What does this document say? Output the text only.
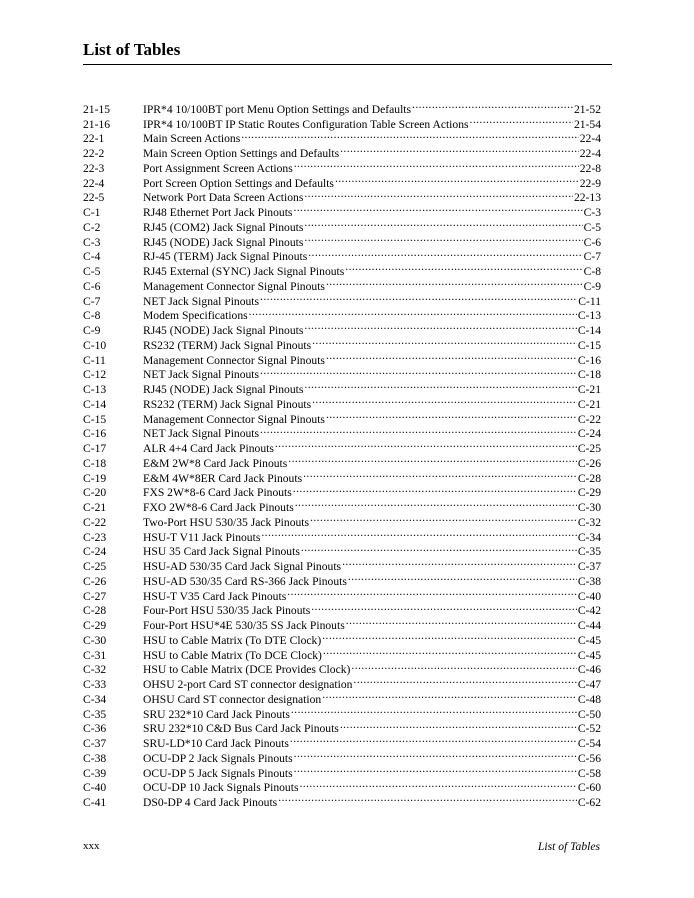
List of Tables
21-15	IPR*4 10/100BT port Menu Option Settings and Defaults .....	21-52
21-16	IPR*4 10/100BT IP Static Routes Configuration Table Screen Actions .....	21-54
22-1	Main Screen Actions .....	22-4
22-2	Main Screen Option Settings and Defaults .....	22-4
22-3	Port Assignment Screen Actions .....	22-8
22-4	Port Screen Option Settings and Defaults .....	22-9
22-5	Network Port Data Screen Actions .....	22-13
C-1	RJ48 Ethernet Port Jack Pinouts .....	C-3
C-2	RJ45 (COM2) Jack Signal Pinouts .....	C-5
C-3	RJ45 (NODE) Jack Signal Pinouts .....	C-6
C-4	RJ-45 (TERM) Jack Signal Pinouts .....	C-7
C-5	RJ45 External (SYNC) Jack Signal Pinouts .....	C-8
C-6	Management Connector Signal Pinouts .....	C-9
C-7	NET Jack Signal Pinouts .....	C-11
C-8	Modem Specifications .....	C-13
C-9	RJ45 (NODE) Jack Signal Pinouts .....	C-14
C-10	RS232 (TERM) Jack Signal Pinouts .....	C-15
C-11	Management Connector Signal Pinouts .....	C-16
C-12	NET Jack Signal Pinouts .....	C-18
C-13	RJ45 (NODE) Jack Signal Pinouts .....	C-21
C-14	RS232 (TERM) Jack Signal Pinouts .....	C-21
C-15	Management Connector Signal Pinouts .....	C-22
C-16	NET Jack Signal Pinouts .....	C-24
C-17	ALR 4+4 Card Jack Pinouts .....	C-25
C-18	E&M 2W*8 Card Jack Pinouts .....	C-26
C-19	E&M 4W*8ER Card Jack Pinouts .....	C-28
C-20	FXS 2W*8-6 Card Jack Pinouts .....	C-29
C-21	FXO 2W*8-6 Card Jack Pinouts .....	C-30
C-22	Two-Port HSU 530/35 Jack Pinouts .....	C-32
C-23	HSU-T V11 Jack Pinouts .....	C-34
C-24	HSU 35 Card Jack Signal Pinouts .....	C-35
C-25	HSU-AD 530/35 Card Jack Signal Pinouts .....	C-37
C-26	HSU-AD 530/35 Card RS-366 Jack Pinouts .....	C-38
C-27	HSU-T V35 Card Jack Pinouts .....	C-40
C-28	Four-Port HSU 530/35 Jack Pinouts .....	C-42
C-29	Four-Port HSU*4E 530/35 SS Jack Pinouts .....	C-44
C-30	HSU to Cable Matrix (To DTE Clock) .....	C-45
C-31	HSU to Cable Matrix (To DCE Clock) .....	C-45
C-32	HSU to Cable Matrix (DCE Provides Clock) .....	C-46
C-33	OHSU 2-port Card ST connector designation .....	C-47
C-34	OHSU Card ST connector designation .....	C-48
C-35	SRU 232*10 Card Jack Pinouts .....	C-50
C-36	SRU 232*10 C&D Bus Card Jack Pinouts .....	C-52
C-37	SRU-LD*10 Card Jack Pinouts .....	C-54
C-38	OCU-DP 2 Jack Signals Pinouts .....	C-56
C-39	OCU-DP 5 Jack Signals Pinouts .....	C-58
C-40	OCU-DP 10 Jack Signals Pinouts .....	C-60
C-41	DS0-DP 4 Card Jack Pinouts .....	C-62
xxx	List of Tables
